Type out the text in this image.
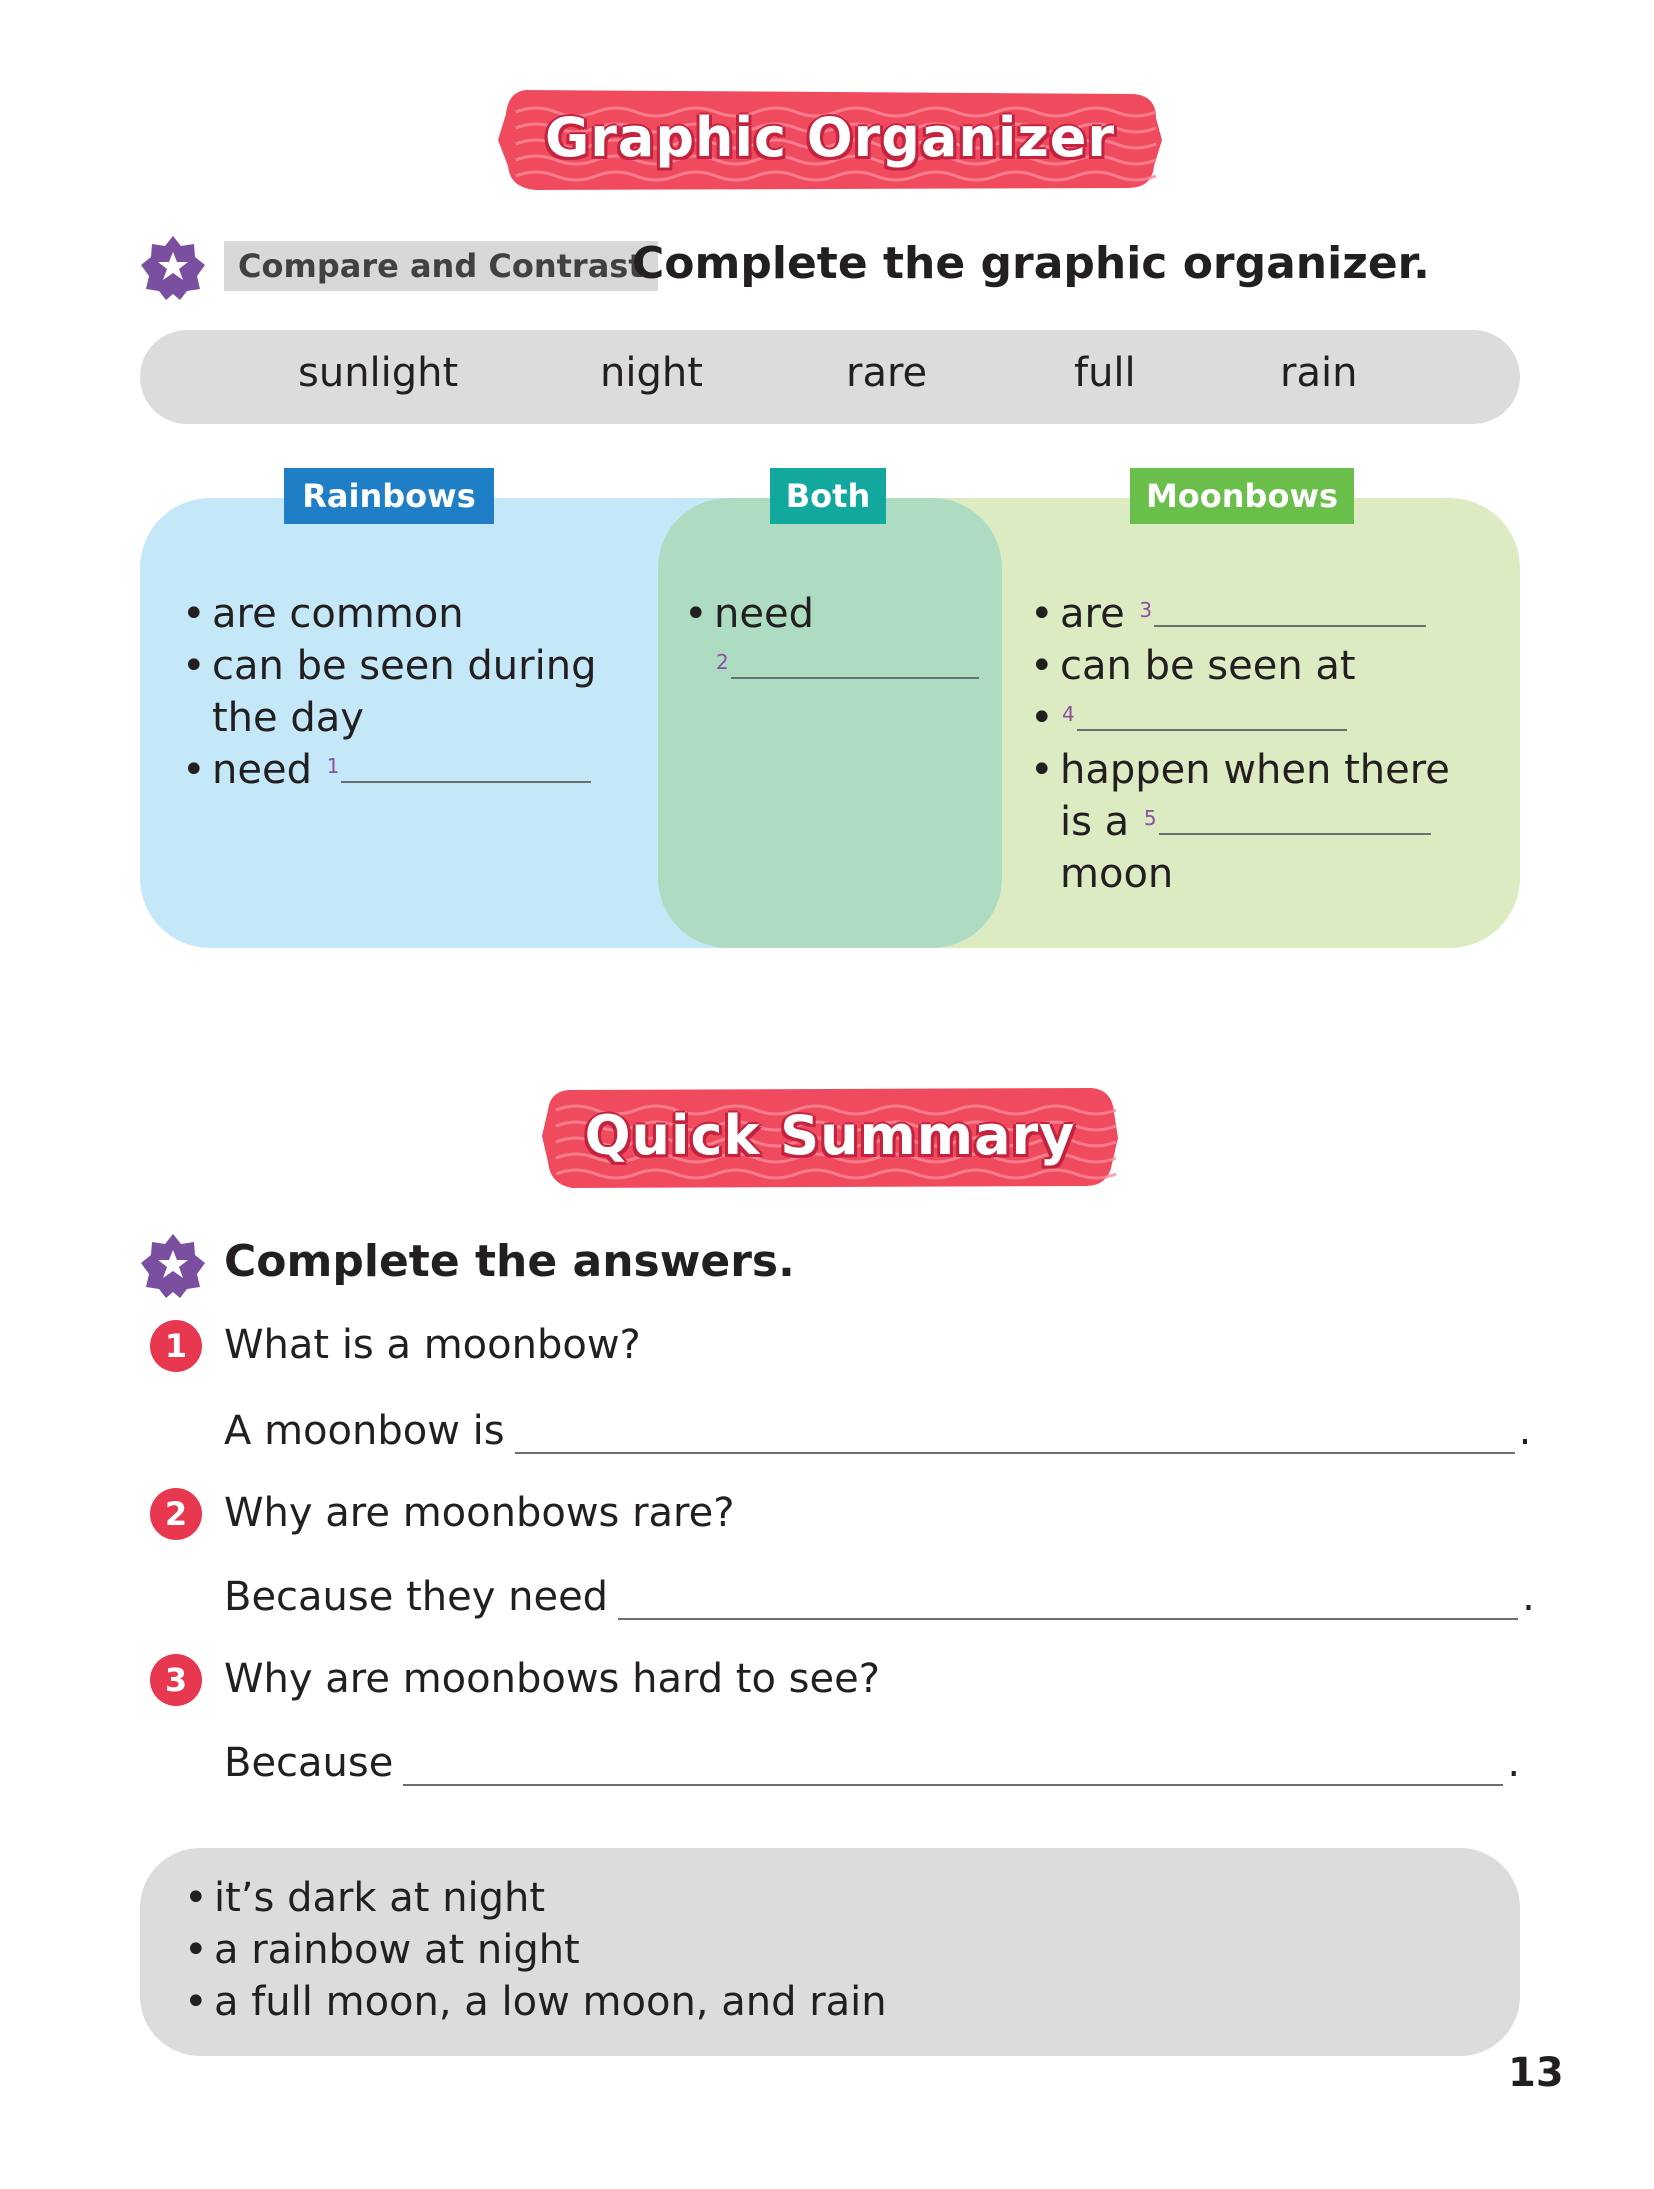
Graphic Organizer
Compare and Contrast
Complete the graphic organizer.
sunlight	night	rare	full	rain
Rainbows	Both	Moonbows
• are common
• can be seen during the day
• need $^1$
• need
$^2$
• are $^3$
• can be seen at
• $^4$
• happen when there
is a $^5$
moon
Quick Summary
Complete the answers.
1 What is a moonbow?
A moonbow is	.
2 Why are moonbows rare?
Because they need	.
3 Why are moonbows hard to see?
Because	.
• it’s dark at night
• a rainbow at night
• a full moon, a low moon, and rain
13
